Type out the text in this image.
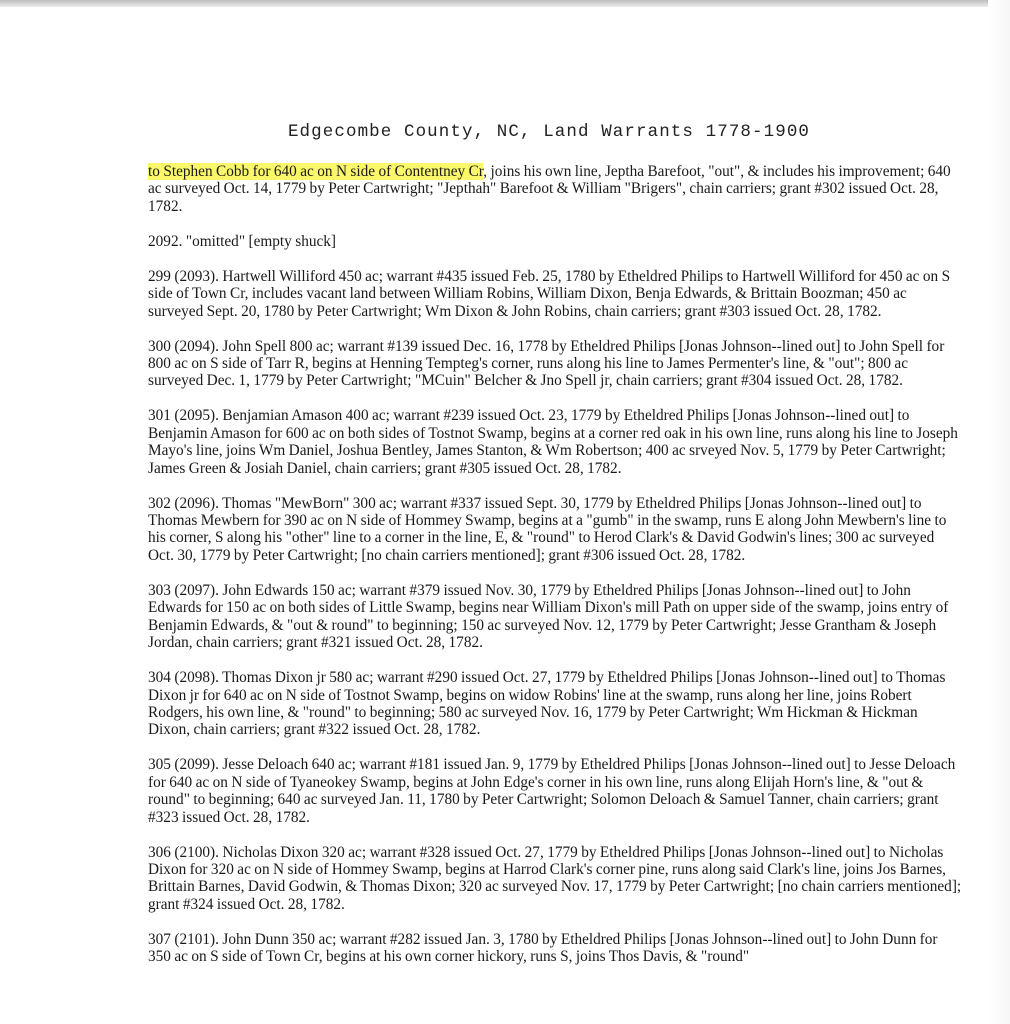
Edgecombe County, NC, Land Warrants 1778-1900

to Stephen Cobb for 640 ac on N side of Contentney Cr, joins his own line, Jeptha Barefoot, "out", & includes his improvement; 640 ac surveyed Oct. 14, 1779 by Peter Cartwright; "Jepthah" Barefoot & William "Brigers", chain carriers; grant #302 issued Oct. 28, 1782.

2092. "omitted" [empty shuck]

299 (2093). Hartwell Williford 450 ac; warrant #435 issued Feb. 25, 1780 by Etheldred Philips to Hartwell Williford for 450 ac on S side of Town Cr, includes vacant land between William Robins, William Dixon, Benja Edwards, & Brittain Boozman; 450 ac surveyed Sept. 20, 1780 by Peter Cartwright; Wm Dixon & John Robins, chain carriers; grant #303 issued Oct. 28, 1782.

300 (2094). John Spell 800 ac; warrant #139 issued Dec. 16, 1778 by Etheldred Philips [Jonas Johnson--lined out] to John Spell for 800 ac on S side of Tarr R, begins at Henning Tempteg's corner, runs along his line to James Permenter's line, & "out"; 800 ac surveyed Dec. 1, 1779 by Peter Cartwright; "MCuin" Belcher & Jno Spell jr, chain carriers; grant #304 issued Oct. 28, 1782.

301 (2095). Benjamian Amason 400 ac; warrant #239 issued Oct. 23, 1779 by Etheldred Philips [Jonas Johnson--lined out] to Benjamin Amason for 600 ac on both sides of Tostnot Swamp, begins at a corner red oak in his own line, runs along his line to Joseph Mayo's line, joins Wm Daniel, Joshua Bentley, James Stanton, & Wm Robertson; 400 ac srveyed Nov. 5, 1779 by Peter Cartwright; James Green & Josiah Daniel, chain carriers; grant #305 issued Oct. 28, 1782.

302 (2096). Thomas "MewBorn" 300 ac; warrant #337 issued Sept. 30, 1779 by Etheldred Philips [Jonas Johnson--lined out] to Thomas Mewbern for 390 ac on N side of Hommey Swamp, begins at a "gumb" in the swamp, runs E along John Mewbern's line to his corner, S along his "other" line to a corner in the line, E, & "round" to Herod Clark's & David Godwin's lines; 300 ac surveyed Oct. 30, 1779 by Peter Cartwright; [no chain carriers mentioned]; grant #306 issued Oct. 28, 1782.

303 (2097). John Edwards 150 ac; warrant #379 issued Nov. 30, 1779 by Etheldred Philips [Jonas Johnson--lined out] to John Edwards for 150 ac on both sides of Little Swamp, begins near William Dixon's mill Path on upper side of the swamp, joins entry of Benjamin Edwards, & "out & round" to beginning; 150 ac surveyed Nov. 12, 1779 by Peter Cartwright; Jesse Grantham & Joseph Jordan, chain carriers; grant #321 issued Oct. 28, 1782.

304 (2098). Thomas Dixon jr 580 ac; warrant #290 issued Oct. 27, 1779 by Etheldred Philips [Jonas Johnson--lined out] to Thomas Dixon jr for 640 ac on N side of Tostnot Swamp, begins on widow Robins' line at the swamp, runs along her line, joins Robert Rodgers, his own line, & "round" to beginning; 580 ac surveyed Nov. 16, 1779 by Peter Cartwright; Wm Hickman & Hickman Dixon, chain carriers; grant #322 issued Oct. 28, 1782.

305 (2099). Jesse Deloach 640 ac; warrant #181 issued Jan. 9, 1779 by Etheldred Philips [Jonas Johnson--lined out] to Jesse Deloach for 640 ac on N side of Tyaneokey Swamp, begins at John Edge's corner in his own line, runs along Elijah Horn's line, & "out & round" to beginning; 640 ac surveyed Jan. 11, 1780 by Peter Cartwright; Solomon Deloach & Samuel Tanner, chain carriers; grant #323 issued Oct. 28, 1782.

306 (2100). Nicholas Dixon 320 ac; warrant #328 issued Oct. 27, 1779 by Etheldred Philips [Jonas Johnson--lined out] to Nicholas Dixon for 320 ac on N side of Hommey Swamp, begins at Harrod Clark's corner pine, runs along said Clark's line, joins Jos Barnes, Brittain Barnes, David Godwin, & Thomas Dixon; 320 ac surveyed Nov. 17, 1779 by Peter Cartwright; [no chain carriers mentioned]; grant #324 issued Oct. 28, 1782.

307 (2101). John Dunn 350 ac; warrant #282 issued Jan. 3, 1780 by Etheldred Philips [Jonas Johnson--lined out] to John Dunn for 350 ac on S side of Town Cr, begins at his own corner hickory, runs S, joins Thos Davis, & "round"
